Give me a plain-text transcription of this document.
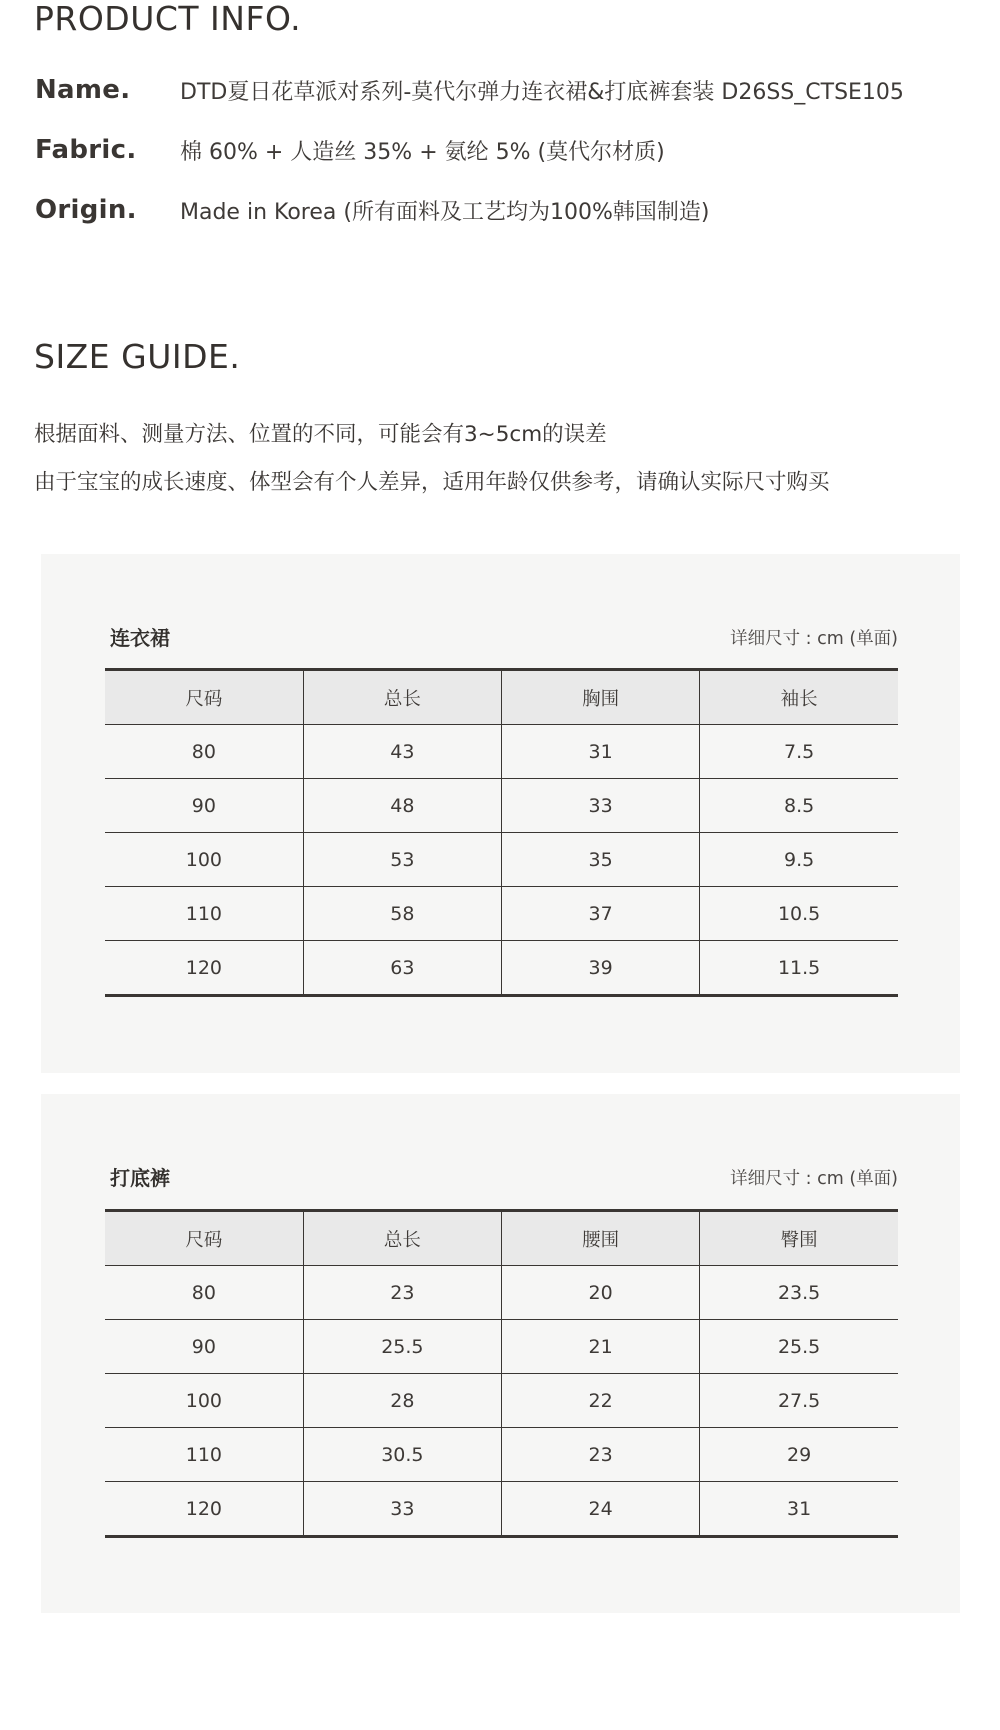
PRODUCT INFO.
Name.	DTD夏日花草派对系列-莫代尔弹力连衣裙&打底裤套装 D26SS_CTSE105
Fabric.	棉 60% + 人造丝 35% + 氨纶 5% (莫代尔材质)
Origin.	Made in Korea (所有面料及工艺均为100%韩国制造)
SIZE GUIDE.
根据面料、测量方法、位置的不同，可能会有3~5cm的误差
由于宝宝的成长速度、体型会有个人差异，适用年龄仅供参考，请确认实际尺寸购买
连衣裙	详细尺寸 : cm (单面)
尺码	总长	胸围	袖长
80	43	31	7.5
90	48	33	8.5
100	53	35	9.5
110	58	37	10.5
120	63	39	11.5
打底裤	详细尺寸 : cm (单面)
尺码	总长	腰围	臀围
80	23	20	23.5
90	25.5	21	25.5
100	28	22	27.5
110	30.5	23	29
120	33	24	31
